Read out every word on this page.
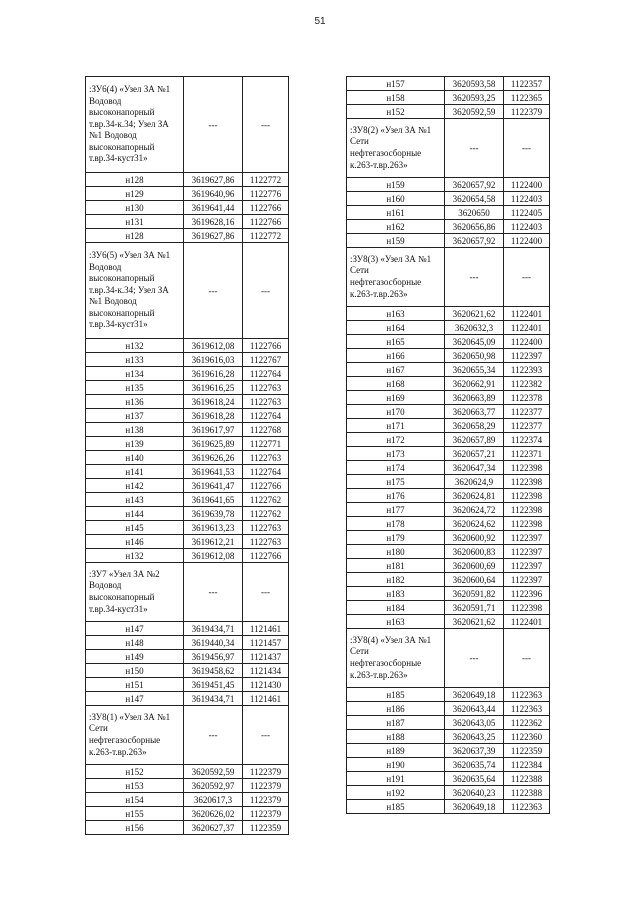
51
:ЗУ6(4) «Узел ЗА №1 Водовод высоконапорный т.вр.34-к.34; Узел ЗА №1 Водовод высоконапорный т.вр.34-куст31»	---	---
н128	3619627,86	1122772
н129	3619640,96	1122776
н130	3619641,44	1122766
н131	3619628,16	1122766
н128	3619627,86	1122772
:ЗУ6(5) «Узел ЗА №1 Водовод высоконапорный т.вр.34-к.34; Узел ЗА №1 Водовод высоконапорный т.вр.34-куст31»	---	---
н132	3619612,08	1122766
н133	3619616,03	1122767
н134	3619616,28	1122764
н135	3619616,25	1122763
н136	3619618,24	1122763
н137	3619618,28	1122764
н138	3619617,97	1122768
н139	3619625,89	1122771
н140	3619626,26	1122763
н141	3619641,53	1122764
н142	3619641,47	1122766
н143	3619641,65	1122762
н144	3619639,78	1122762
н145	3619613,23	1122763
н146	3619612,21	1122763
н132	3619612,08	1122766
:ЗУ7 «Узел ЗА №2 Водовод высоконапорный т.вр.34-куст31»	---	---
н147	3619434,71	1121461
н148	3619440,34	1121457
н149	3619456,97	1121437
н150	3619458,62	1121434
н151	3619451,45	1121430
н147	3619434,71	1121461
:ЗУ8(1) «Узел ЗА №1 Сети нефтегазосборные к.263-т.вр.263»	---	---
н152	3620592,59	1122379
н153	3620592,97	1122379
н154	3620617,3	1122379
н155	3620626,02	1122379
н156	3620627,37	1122359
н157	3620593,58	1122357
н158	3620593,25	1122365
н152	3620592,59	1122379
:ЗУ8(2) «Узел ЗА №1 Сети нефтегазосборные к.263-т.вр.263»	---	---
н159	3620657,92	1122400
н160	3620654,58	1122403
н161	3620650	1122405
н162	3620656,86	1122403
н159	3620657,92	1122400
:ЗУ8(3) «Узел ЗА №1 Сети нефтегазосборные к.263-т.вр.263»	---	---
н163	3620621,62	1122401
н164	3620632,3	1122401
н165	3620645,09	1122400
н166	3620650,98	1122397
н167	3620655,34	1122393
н168	3620662,91	1122382
н169	3620663,89	1122378
н170	3620663,77	1122377
н171	3620658,29	1122377
н172	3620657,89	1122374
н173	3620657,21	1122371
н174	3620647,34	1122398
н175	3620624,9	1122398
н176	3620624,81	1122398
н177	3620624,72	1122398
н178	3620624,62	1122398
н179	3620600,92	1122397
н180	3620600,83	1122397
н181	3620600,69	1122397
н182	3620600,64	1122397
н183	3620591,82	1122396
н184	3620591,71	1122398
н163	3620621,62	1122401
:ЗУ8(4) «Узел ЗА №1 Сети нефтегазосборные к.263-т.вр.263»	---	---
н185	3620649,18	1122363
н186	3620643,44	1122363
н187	3620643,05	1122362
н188	3620643,25	1122360
н189	3620637,39	1122359
н190	3620635,74	1122384
н191	3620635,64	1122388
н192	3620640,23	1122388
н185	3620649,18	1122363
